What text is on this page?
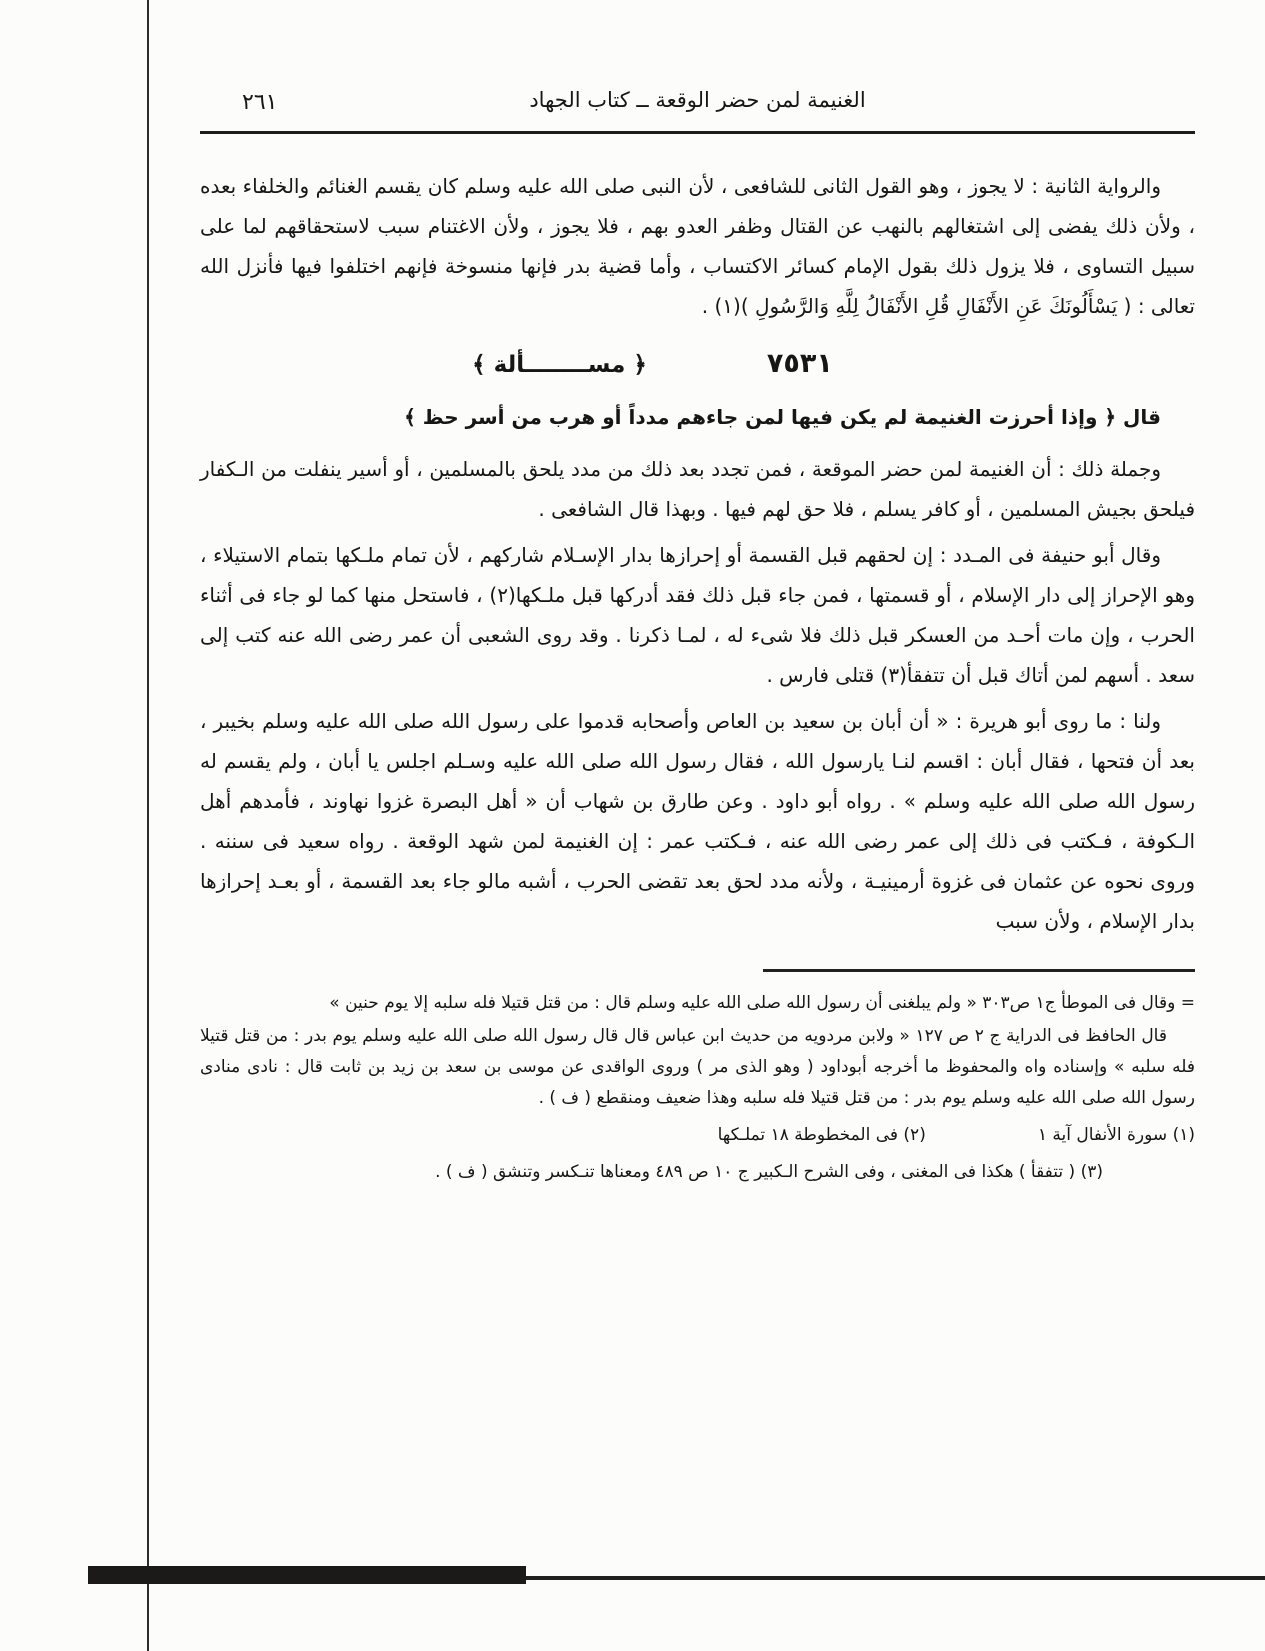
٢٦١	الغنيمة لمن حضر الوقعة ــ كتاب الجهاد

والرواية الثانية : لا يجوز ، وهو القول الثانى للشافعى ، لأن النبى صلى الله عليه وسلم كان يقسم الغنائم والخلفاء بعده ، ولأن ذلك يفضى إلى اشتغالهم بالنهب عن القتال وظفر العدو بهم ، فلا يجوز ، ولأن الاغتنام سبب لاستحقاقهم لما على سبيل التساوى ، فلا يزول ذلك بقول الإمام كسائر الاكتساب ، وأما قضية بدر فإنها منسوخة فإنهم اختلفوا فيها فأنزل الله تعالى : ( يَسْأَلُونَكَ عَنِ الأَنْفَالِ قُلِ الأَنْفَالُ لِلَّهِ وَالرَّسُولِ )(١) .

٧٥٣١
﴿ مســــــــألة ﴾

قال ﴿ وإذا أحرزت الغنيمة لم يكن فيها لمن جاءهم مدداً أو هرب من أسر حظ ﴾

وجملة ذلك : أن الغنيمة لمن حضر الموقعة ، فمن تجدد بعد ذلك من مدد يلحق بالمسلمين ، أو أسير ينفلت من الـكفار فيلحق بجيش المسلمين ، أو كافر يسلم ، فلا حق لهم فيها . وبهذا قال الشافعى .

وقال أبو حنيفة فى المـدد : إن لحقهم قبل القسمة أو إحرازها بدار الإسـلام شاركهم ، لأن تمام ملـكها بتمام الاستيلاء ، وهو الإحراز إلى دار الإسلام ، أو قسمتها ، فمن جاء قبل ذلك فقد أدركها قبل ملـكها(٢) ، فاستحل منها كما لو جاء فى أثناء الحرب ، وإن مات أحـد من العسكر قبل ذلك فلا شىء له ، لمـا ذكرنا . وقد روى الشعبى أن عمر رضى الله عنه كتب إلى سعد . أسهم لمن أتاك قبل أن تتفقأ(٣) قتلى فارس .

ولنا : ما روى أبو هريرة : « أن أبان بن سعيد بن العاص وأصحابه قدموا على رسول الله صلى الله عليه وسلم بخيبر ، بعد أن فتحها ، فقال أبان : اقسم لنـا يارسول الله ، فقال رسول الله صلى الله عليه وسـلم اجلس يا أبان ، ولم يقسم له رسول الله صلى الله عليه وسلم » . رواه أبو داود . وعن طارق بن شهاب أن « أهل البصرة غزوا نهاوند ، فأمدهم أهل الـكوفة ، فـكتب فى ذلك إلى عمر رضى الله عنه ، فـكتب عمر : إن الغنيمة لمن شهد الوقعة . رواه سعيد فى سننه . وروى نحوه عن عثمان فى غزوة أرمينيـة ، ولأنه مدد لحق بعد تقضى الحرب ، أشبه مالو جاء بعد القسمة ، أو بعـد إحرازها بدار الإسلام ، ولأن سبب

= وقال فى الموطأ ج١ ص٣٠٣ « ولم يبلغنى أن رسول الله صلى الله عليه وسلم قال : من قتل قتيلا فله سلبه إلا يوم حنين »

قال الحافظ فى الدراية ج ٢ ص ١٢٧ « ولابن مردويه من حديث ابن عباس قال قال رسول الله صلى الله عليه وسلم يوم بدر : من قتل قتيلا فله سلبه » وإسناده واه والمحفوظ ما أخرجه أبوداود ( وهو الذى مر ) وروى الواقدى عن موسى بن سعد بن زيد بن ثابت قال : نادى منادى رسول الله صلى الله عليه وسلم يوم بدر : من قتل قتيلا فله سلبه وهذا ضعيف ومنقطع ( ف ) .

(١) سورة الأنفال آية ١
(٢) فى المخطوطة ١٨ تملـكها

(٣) ( تتفقأ ) هكذا فى المغنى ، وفى الشرح الـكبير ج ١٠ ص ٤٨٩ ومعناها تنـكسر وتنشق ( ف ) .
